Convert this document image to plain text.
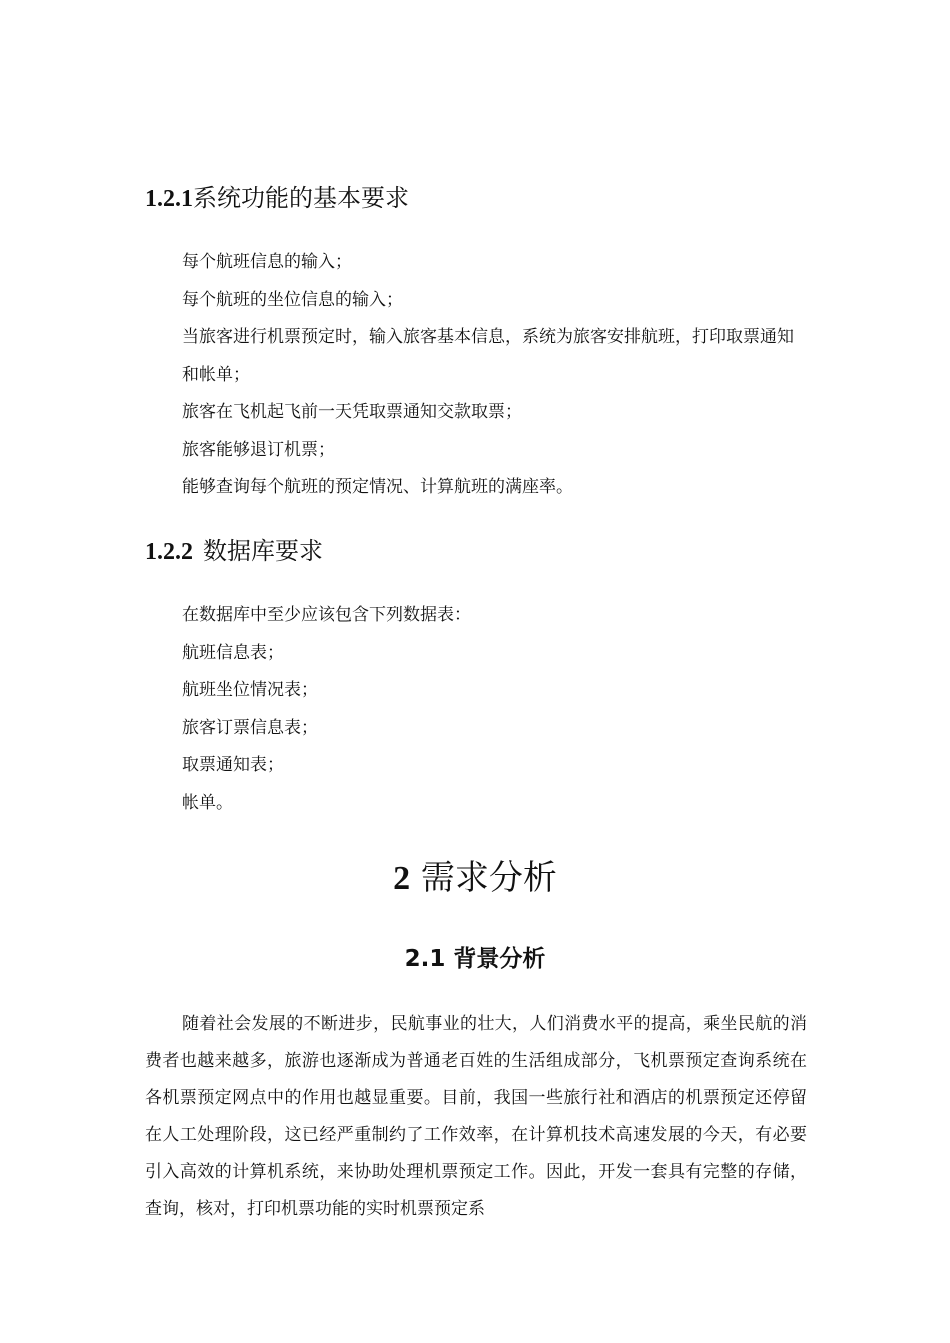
1.2.1系统功能的基本要求
每个航班信息的输入；
每个航班的坐位信息的输入；
当旅客进行机票预定时，输入旅客基本信息，系统为旅客安排航班，打印取票通知和帐单；
旅客在飞机起飞前一天凭取票通知交款取票；
旅客能够退订机票；
能够查询每个航班的预定情况、计算航班的满座率。
1.2.2 数据库要求
在数据库中至少应该包含下列数据表：
航班信息表；
航班坐位情况表；
旅客订票信息表；
取票通知表；
帐单。
2 需求分析
2.1 背景分析
随着社会发展的不断进步，民航事业的壮大，人们消费水平的提高，乘坐民航的消费者也越来越多，旅游也逐渐成为普通老百姓的生活组成部分，飞机票预定查询系统在各机票预定网点中的作用也越显重要。目前，我国一些旅行社和酒店的机票预定还停留在人工处理阶段，这已经严重制约了工作效率，在计算机技术高速发展的今天，有必要引入高效的计算机系统，来协助处理机票预定工作。因此，开发一套具有完整的存储，查询，核对，打印机票功能的实时机票预定系
